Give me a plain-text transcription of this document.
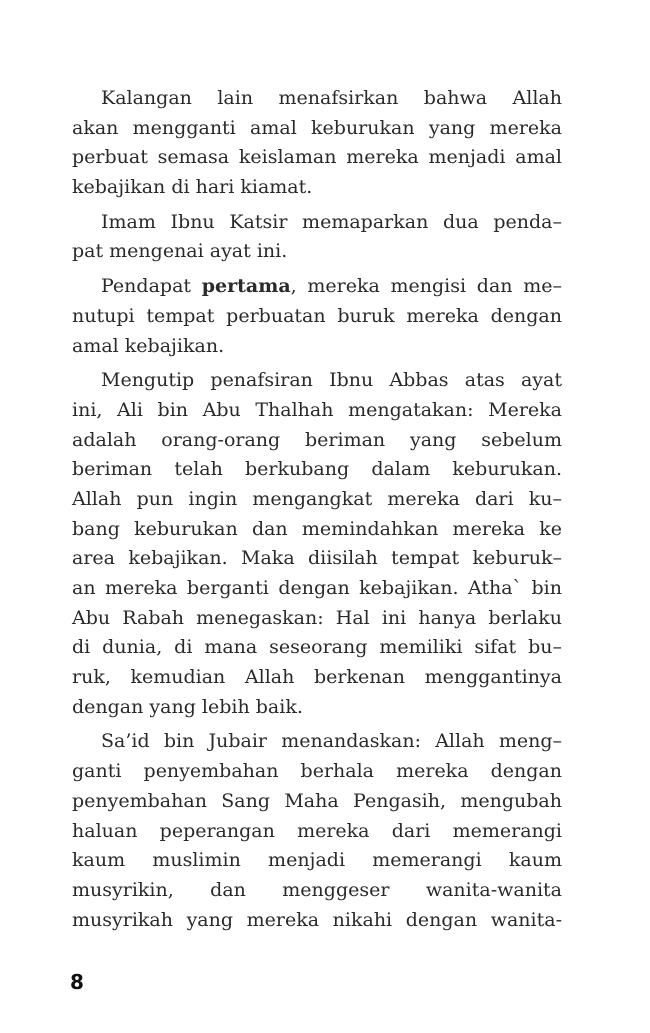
Kalangan lain menafsirkan bahwa Allah
akan mengganti amal keburukan yang mereka
perbuat semasa keislaman mereka menjadi amal
kebajikan di hari kiamat.
Imam Ibnu Katsir memaparkan dua penda–
pat mengenai ayat ini.
Pendapat pertama, mereka mengisi dan me–
nutupi tempat perbuatan buruk mereka dengan
amal kebajikan.
Mengutip penafsiran Ibnu Abbas atas ayat
ini, Ali bin Abu Thalhah mengatakan: Mereka
adalah orang-orang beriman yang sebelum
beriman telah berkubang dalam keburukan.
Allah pun ingin mengangkat mereka dari ku–
bang keburukan dan memindahkan mereka ke
area kebajikan. Maka diisilah tempat keburuk–
an mereka berganti dengan kebajikan. Atha` bin
Abu Rabah menegaskan: Hal ini hanya berlaku
di dunia, di mana seseorang memiliki sifat bu–
ruk, kemudian Allah berkenan menggantinya
dengan yang lebih baik.
Sa’id bin Jubair menandaskan: Allah meng–
ganti penyembahan berhala mereka dengan
penyembahan Sang Maha Pengasih, mengubah
haluan peperangan mereka dari memerangi
kaum muslimin menjadi memerangi kaum
musyrikin, dan menggeser wanita-wanita
musyrikah yang mereka nikahi dengan wanita-
8
